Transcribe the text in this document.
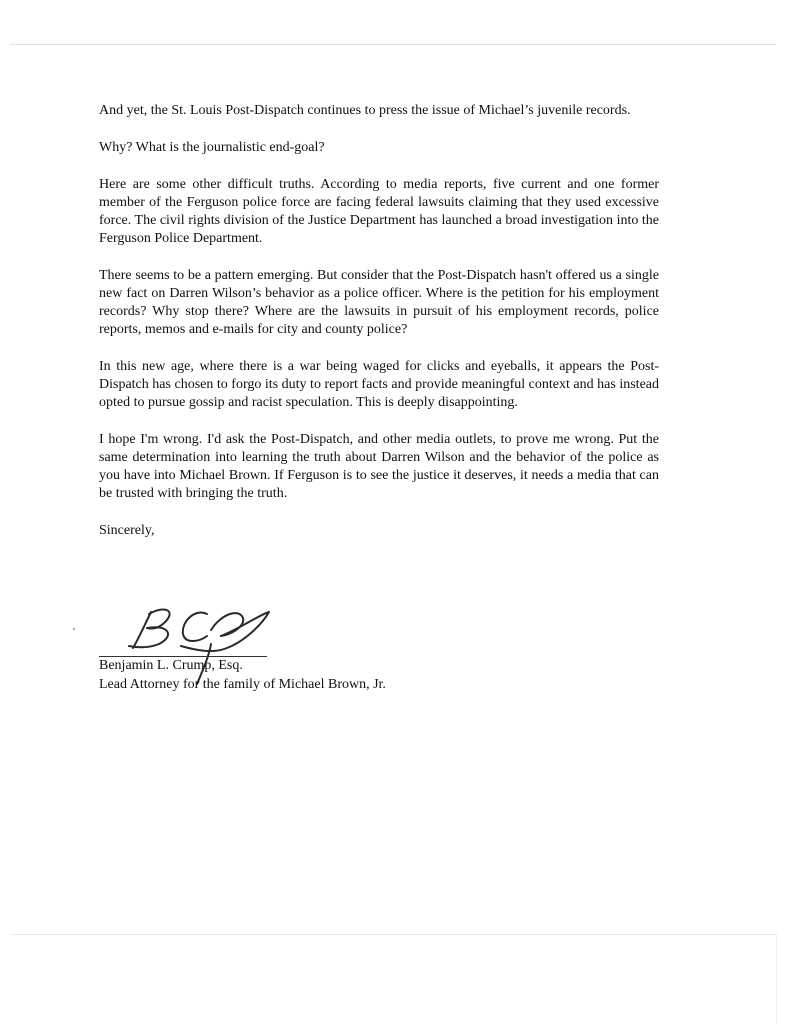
And yet, the St. Louis Post-Dispatch continues to press the issue of Michael’s juvenile records.

Why? What is the journalistic end-goal?

Here are some other difficult truths. According to media reports, five current and one former member of the Ferguson police force are facing federal lawsuits claiming that they used excessive force. The civil rights division of the Justice Department has launched a broad investigation into the Ferguson Police Department.

There seems to be a pattern emerging. But consider that the Post-Dispatch hasn't offered us a single new fact on Darren Wilson’s behavior as a police officer. Where is the petition for his employment records? Why stop there? Where are the lawsuits in pursuit of his employment records, police reports, memos and e-mails for city and county police?

In this new age, where there is a war being waged for clicks and eyeballs, it appears the Post-Dispatch has chosen to forgo its duty to report facts and provide meaningful context and has instead opted to pursue gossip and racist speculation. This is deeply disappointing.

I hope I'm wrong. I'd ask the Post-Dispatch, and other media outlets, to prove me wrong. Put the same determination into learning the truth about Darren Wilson and the behavior of the police as you have into Michael Brown. If Ferguson is to see the justice it deserves, it needs a media that can be trusted with bringing the truth.

Sincerely,

Benjamin L. Crump, Esq.
Lead Attorney for the family of Michael Brown, Jr.
